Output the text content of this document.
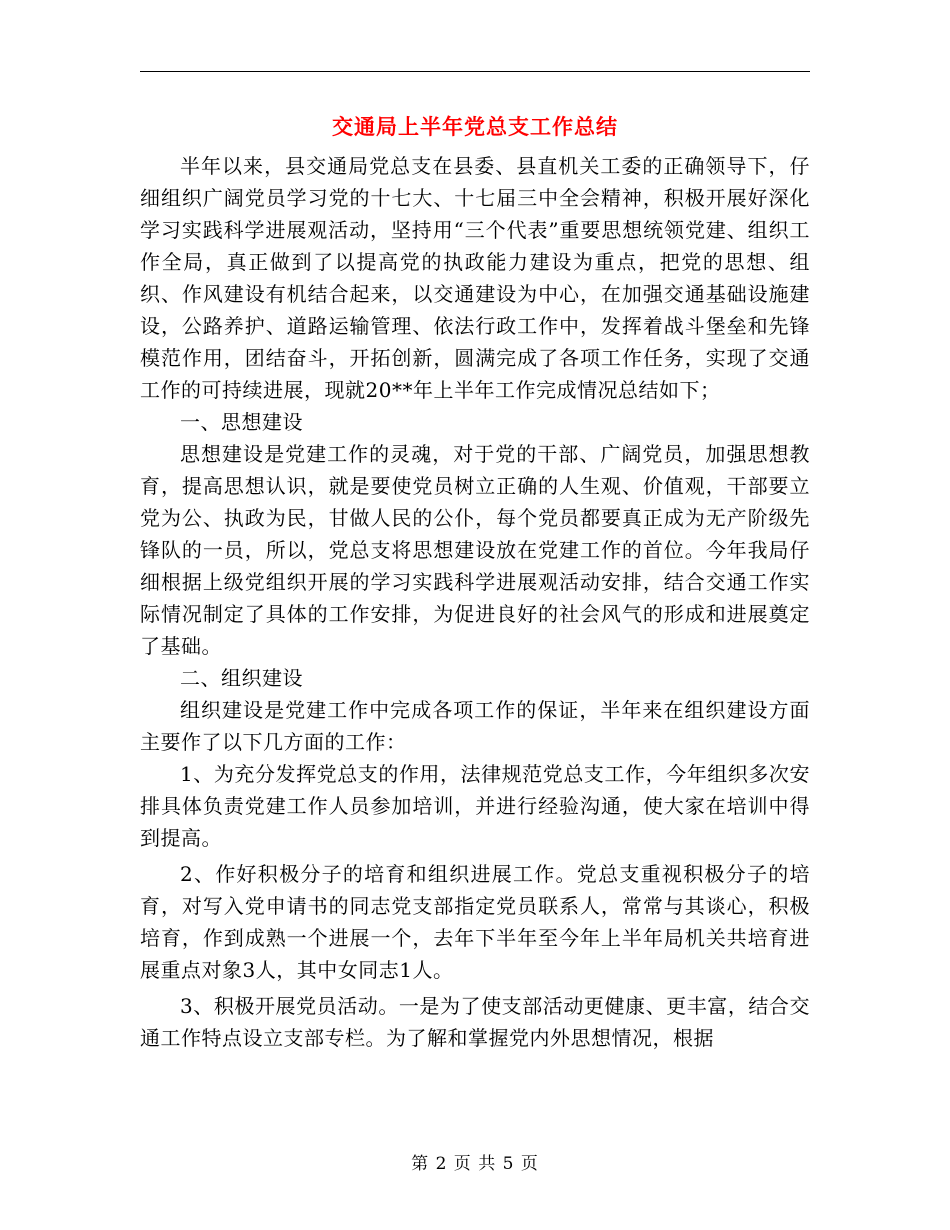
交通局上半年党总支工作总结

半年以来，县交通局党总支在县委、县直机关工委的正确领导下，仔细组织广阔党员学习党的十七大、十七届三中全会精神，积极开展好深化学习实践科学进展观活动，坚持用“三个代表”重要思想统领党建、组织工作全局，真正做到了以提高党的执政能力建设为重点，把党的思想、组织、作风建设有机结合起来，以交通建设为中心，在加强交通基础设施建设，公路养护、道路运输管理、依法行政工作中，发挥着战斗堡垒和先锋模范作用，团结奋斗，开拓创新，圆满完成了各项工作任务，实现了交通工作的可持续进展，现就20**年上半年工作完成情况总结如下；

一、思想建设

思想建设是党建工作的灵魂，对于党的干部、广阔党员，加强思想教育，提高思想认识，就是要使党员树立正确的人生观、价值观，干部要立党为公、执政为民，甘做人民的公仆，每个党员都要真正成为无产阶级先锋队的一员，所以，党总支将思想建设放在党建工作的首位。今年我局仔细根据上级党组织开展的学习实践科学进展观活动安排，结合交通工作实际情况制定了具体的工作安排，为促进良好的社会风气的形成和进展奠定了基础。

二、组织建设

组织建设是党建工作中完成各项工作的保证，半年来在组织建设方面主要作了以下几方面的工作：

1、为充分发挥党总支的作用，法律规范党总支工作，今年组织多次安排具体负责党建工作人员参加培训，并进行经验沟通，使大家在培训中得到提高。

2、作好积极分子的培育和组织进展工作。党总支重视积极分子的培育，对写入党申请书的同志党支部指定党员联系人，常常与其谈心，积极培育，作到成熟一个进展一个，去年下半年至今年上半年局机关共培育进展重点对象3人，其中女同志1人。

3、积极开展党员活动。一是为了使支部活动更健康、更丰富，结合交通工作特点设立支部专栏。为了解和掌握党内外思想情况，根据

第 2 页 共 5 页
